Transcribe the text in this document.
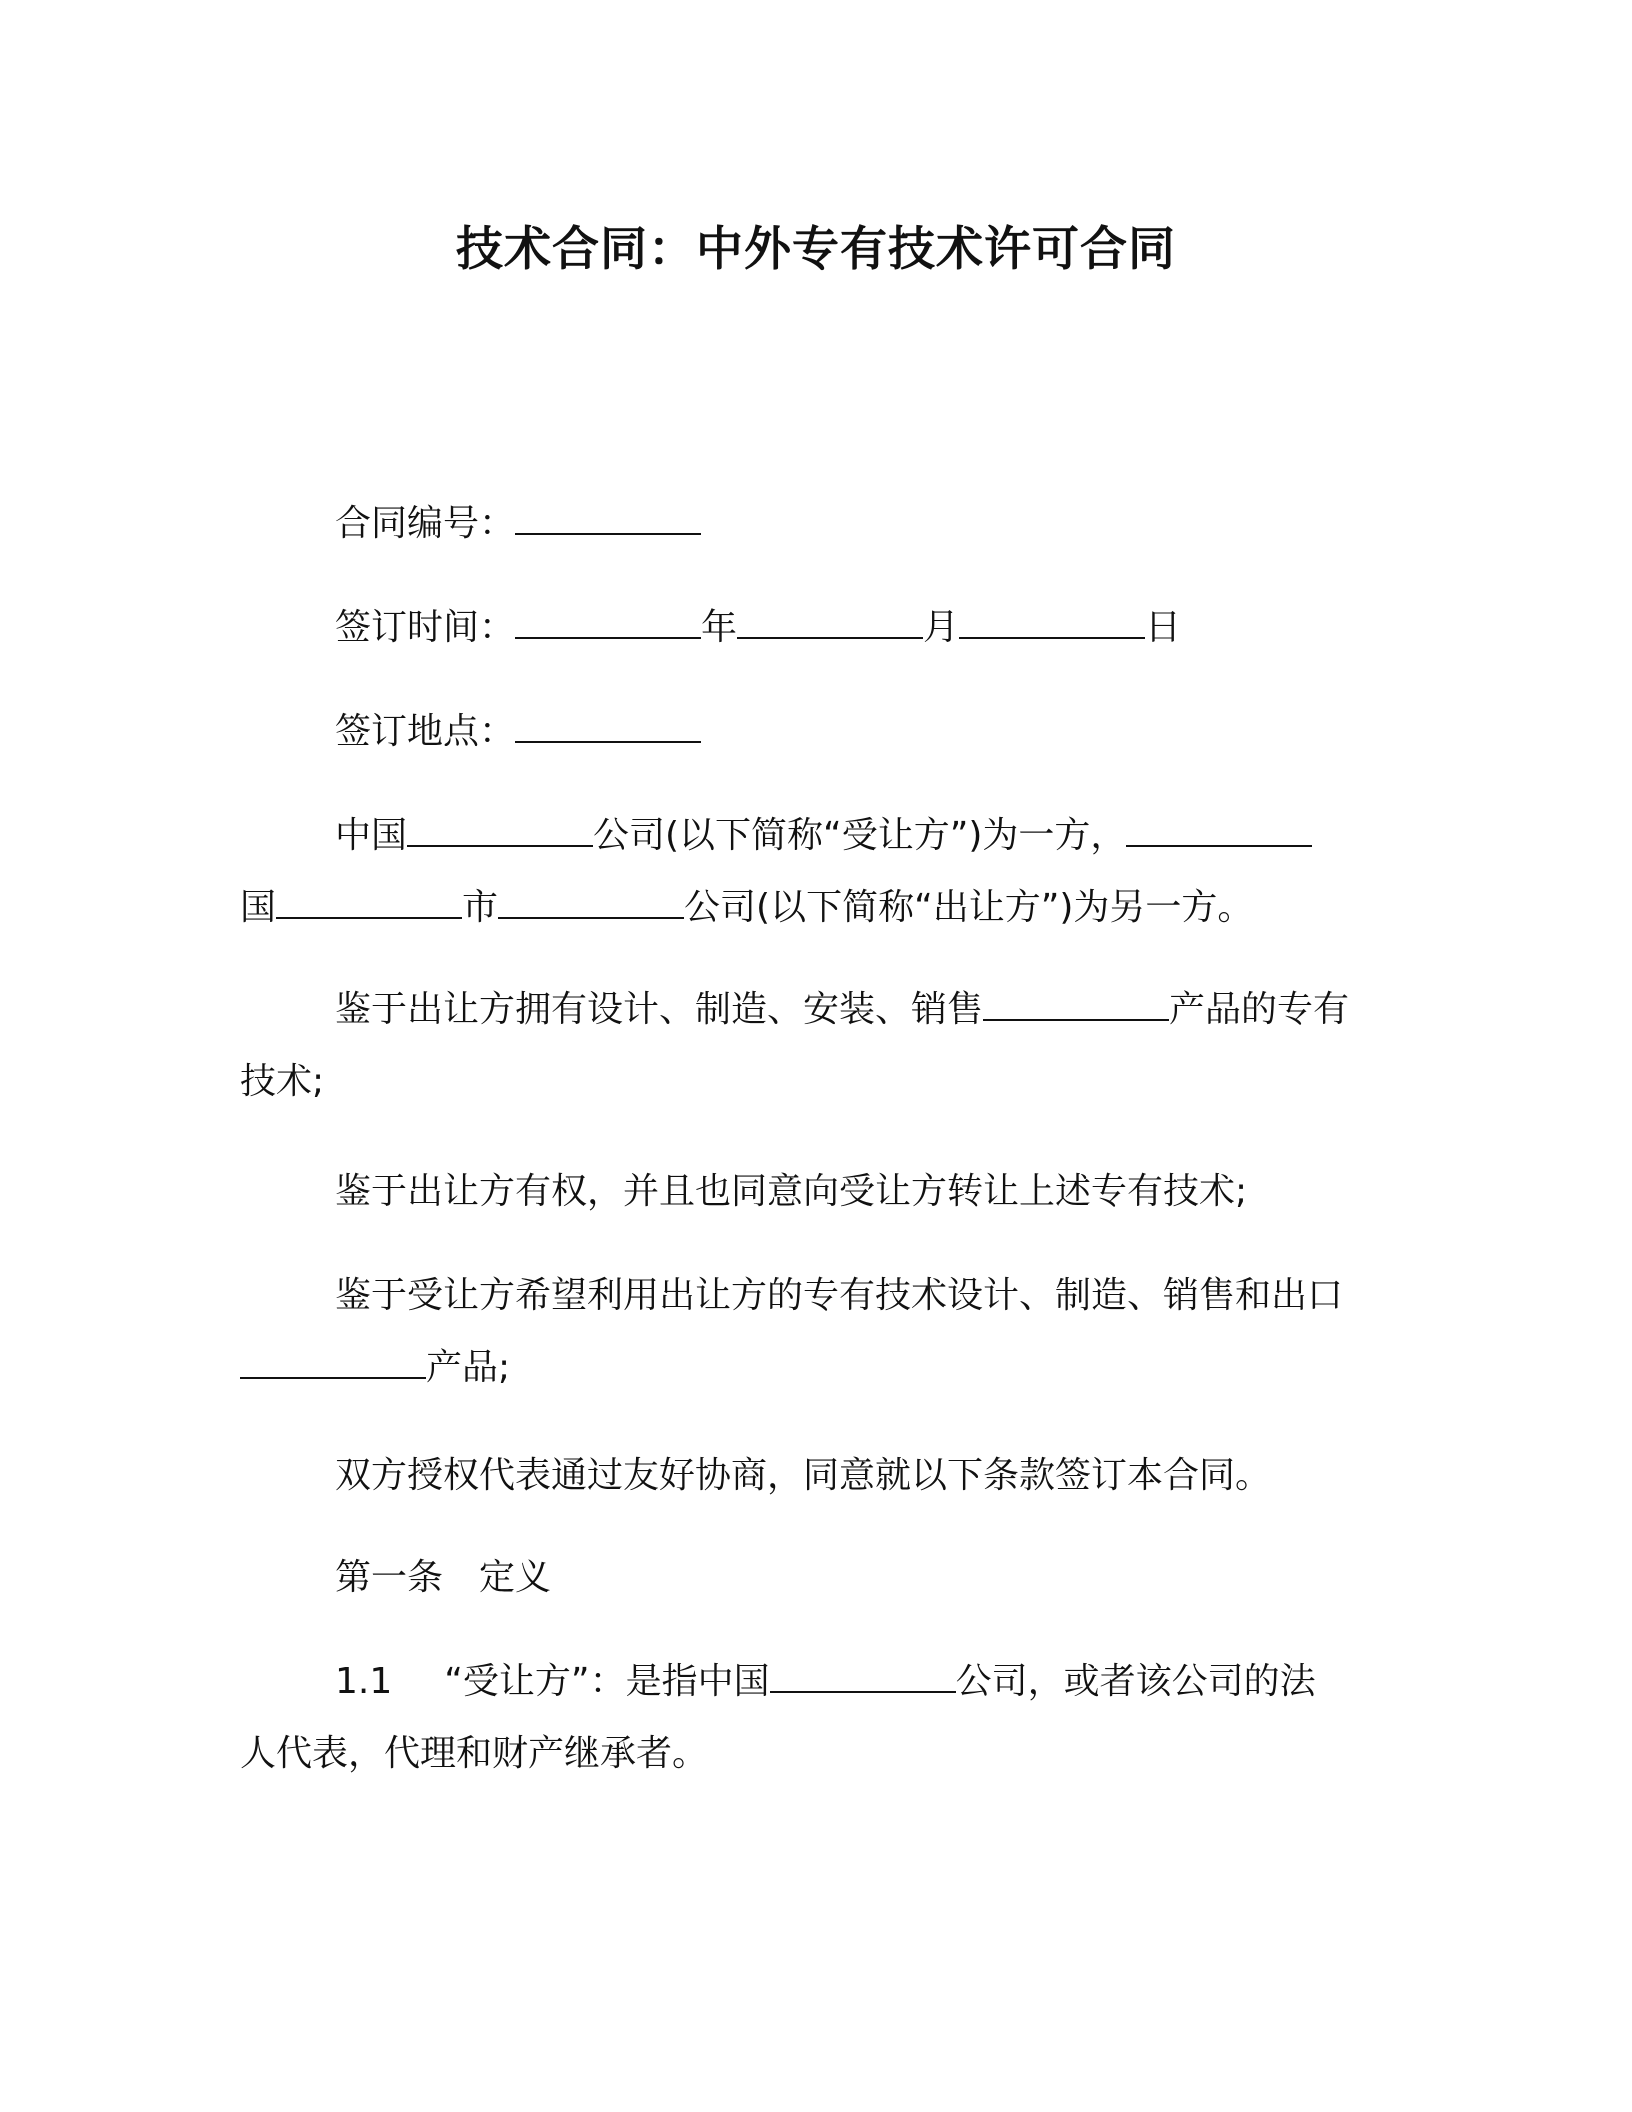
技术合同：中外专有技术许可合同

合同编号：

签订时间：	年	月	日

签订地点：

中国	公司(以下简称“受让方”)为一方，

国	市	公司(以下简称“出让方”)为另一方。

鉴于出让方拥有设计、制造、安装、销售	产品的专有

技术;

鉴于出让方有权，并且也同意向受让方转让上述专有技术;

鉴于受让方希望利用出让方的专有技术设计、制造、销售和出口

产品;

双方授权代表通过友好协商，同意就以下条款签订本合同。

第一条 定义

1.1 “受让方”：是指中国	公司，或者该公司的法

人代表，代理和财产继承者。
